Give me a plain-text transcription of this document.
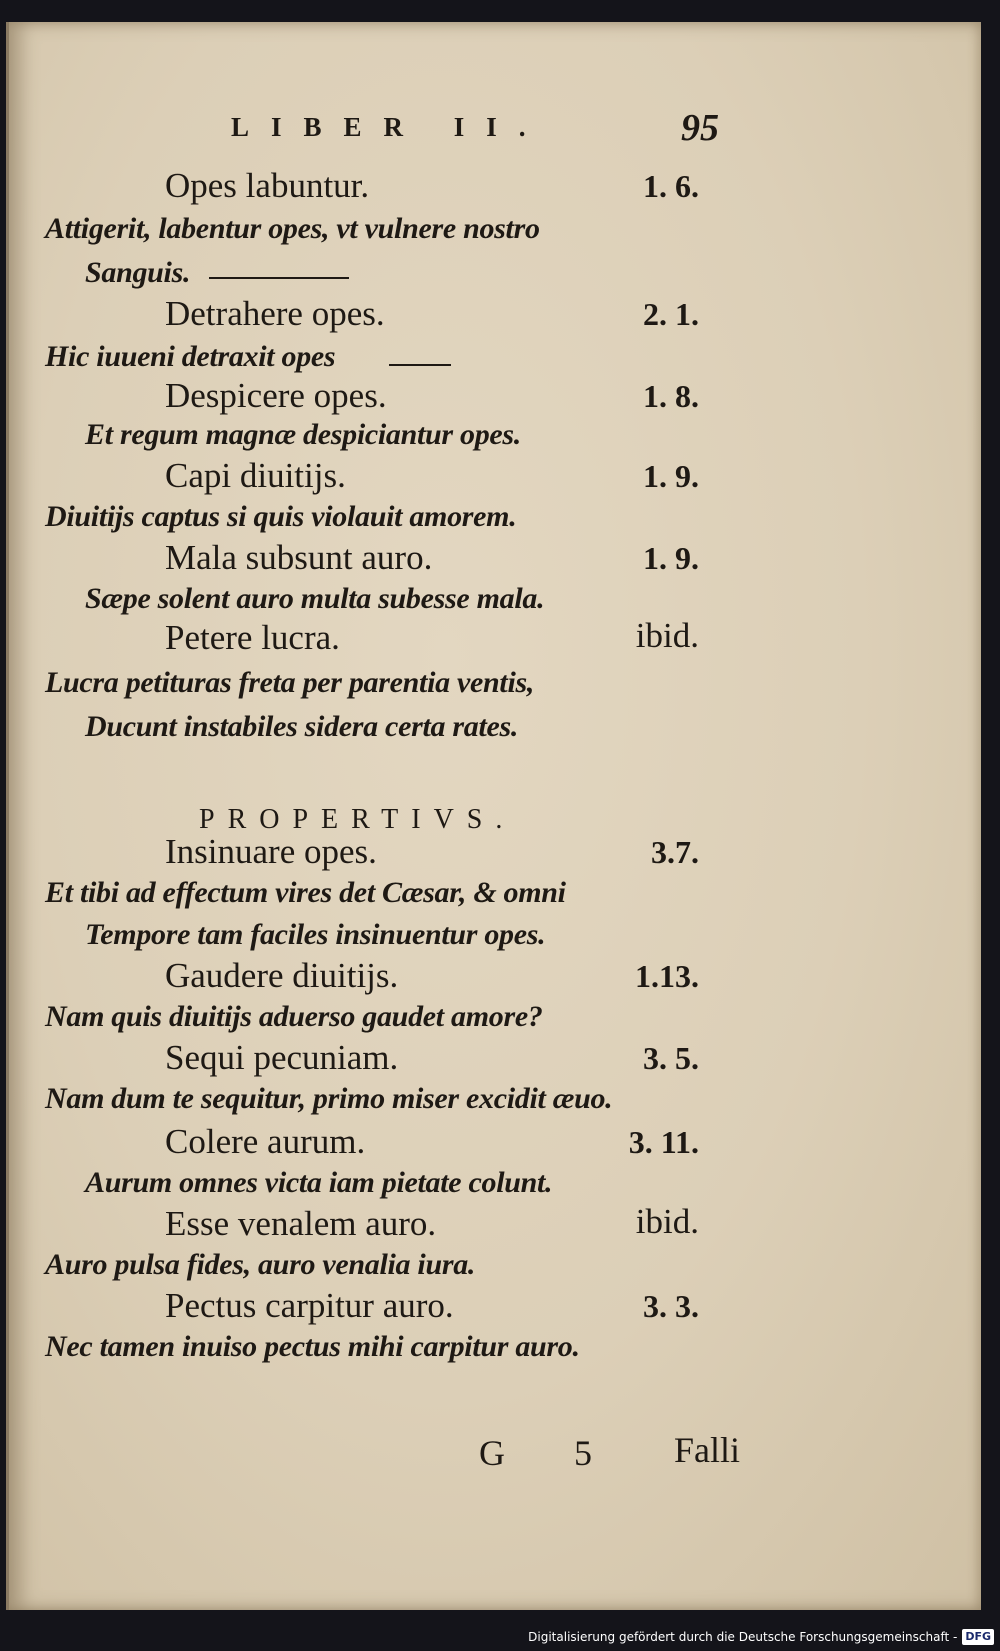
LIBER II.	95
Opes labuntur.	1. 6.
Attigerit, labentur opes, vt vulnere nostro
Sanguis.
Detrahere opes.	2. 1.
Hic iuueni detraxit opes
Despicere opes.	1. 8.
Et regum magnæ despiciantur opes.
Capi diuitijs.	1. 9.
Diuitijs captus si quis violauit amorem.
Mala subsunt auro.	1. 9.
Sæpe solent auro multa subesse mala.
Petere lucra.	ibid.
Lucra petituras freta per parentia ventis,
Ducunt instabiles sidera certa rates.
PROPERTIVS.
Insinuare opes.	3.7.
Et tibi ad effectum vires det Cæsar, & omni
Tempore tam faciles insinuentur opes.
Gaudere diuitijs.	1.13.
Nam quis diuitijs aduerso gaudet amore?
Sequi pecuniam.	3. 5.
Nam dum te sequitur, primo miser excidit æuo.
Colere aurum.	3. 11.
Aurum omnes victa iam pietate colunt.
Esse venalem auro.	ibid.
Auro pulsa fides, auro venalia iura.
Pectus carpitur auro.	3. 3.
Nec tamen inuiso pectus mihi carpitur auro.
G 5 Falli
Digitalisierung gefördert durch die Deutsche Forschungsgemeinschaft - DFG
